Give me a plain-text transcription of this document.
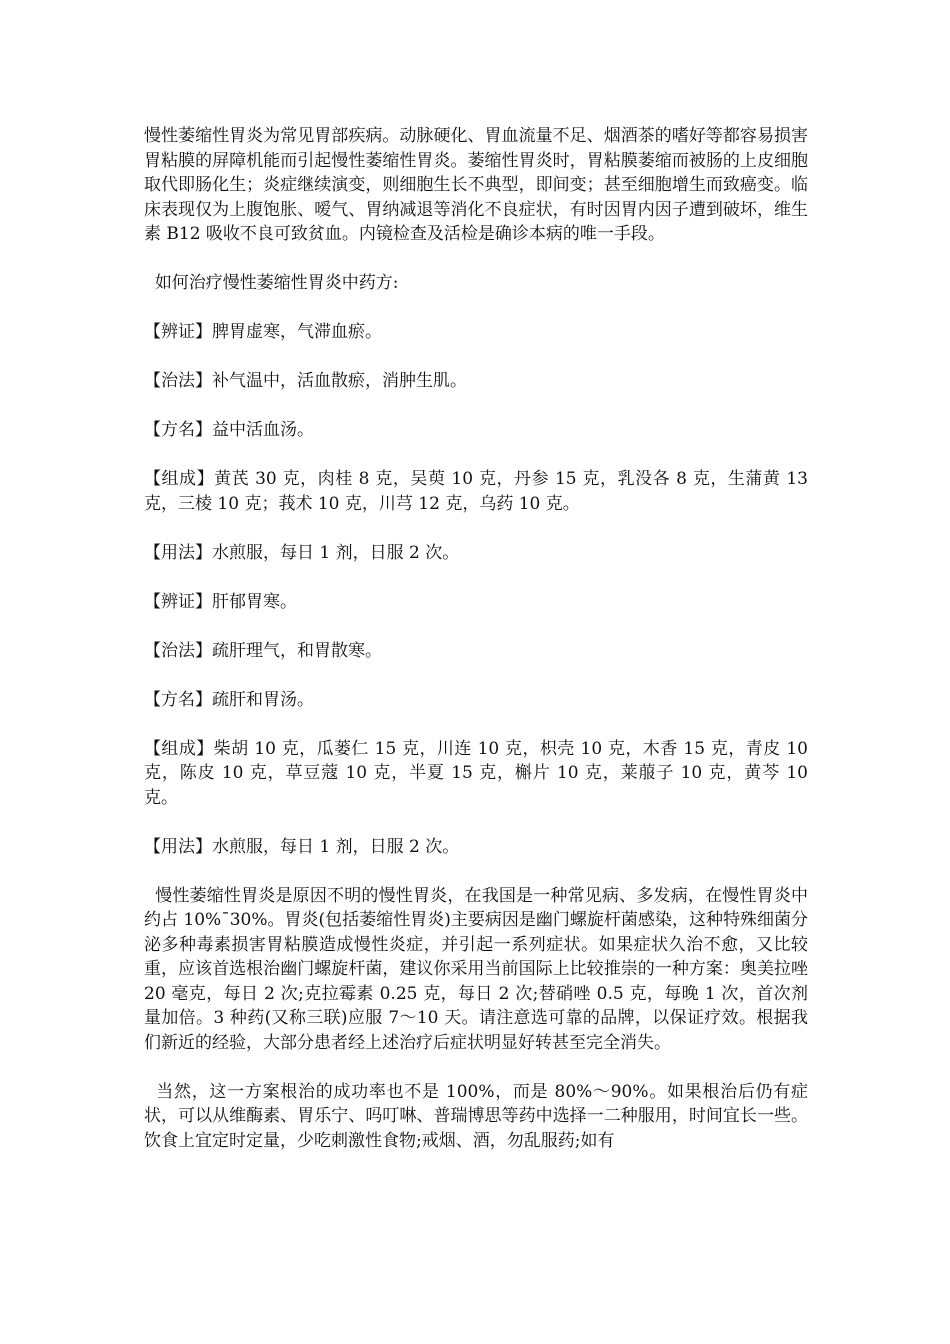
慢性萎缩性胃炎为常见胃部疾病。动脉硬化、胃血流量不足、烟酒茶的嗜好等都容易损害胃粘膜的屏障机能而引起慢性萎缩性胃炎。萎缩性胃炎时，胃粘膜萎缩而被肠的上皮细胞取代即肠化生；炎症继续演变，则细胞生长不典型，即间变；甚至细胞增生而致癌变。临床表现仅为上腹饱胀、嗳气、胃纳减退等消化不良症状，有时因胃内因子遭到破坏，维生素 B12 吸收不良可致贫血。内镜检查及活检是确诊本病的唯一手段。

如何治疗慢性萎缩性胃炎中药方:

【辨证】脾胃虚寒，气滞血瘀。

【治法】补气温中，活血散瘀，消肿生肌。

【方名】益中活血汤。

【组成】黄芪 30 克，肉桂 8 克，吴萸 10 克，丹参 15 克，乳没各 8 克，生蒲黄 13 克，三棱 10 克；莪术 10 克，川芎 12 克，乌药 10 克。

【用法】水煎服，每日 1 剂，日服 2 次。

【辨证】肝郁胃寒。

【治法】疏肝理气，和胃散寒。

【方名】疏肝和胃汤。

【组成】柴胡 10 克，瓜蒌仁 15 克，川连 10 克，枳壳 10 克，木香 15 克，青皮 10 克，陈皮 10 克，草豆蔻 10 克，半夏 15 克，槲片 10 克，莱菔子 10 克，黄芩 10 克。

【用法】水煎服，每日 1 剂，日服 2 次。

慢性萎缩性胃炎是原因不明的慢性胃炎，在我国是一种常见病、多发病，在慢性胃炎中约占 10%¯30%。胃炎(包括萎缩性胃炎)主要病因是幽门螺旋杆菌感染，这种特殊细菌分泌多种毒素损害胃粘膜造成慢性炎症，并引起一系列症状。如果症状久治不愈，又比较重，应该首选根治幽门螺旋杆菌，建议你采用当前国际上比较推崇的一种方案：奥美拉唑 20 毫克，每日 2 次;克拉霉素 0.25 克，每日 2 次;替硝唑 0.5 克，每晚 1 次，首次剂量加倍。3 种药(又称三联)应服 7～10 天。请注意选可靠的品牌，以保证疗效。根据我们新近的经验，大部分患者经上述治疗后症状明显好转甚至完全消失。

当然，这一方案根治的成功率也不是 100%，而是 80%～90%。如果根治后仍有症状，可以从维酶素、胃乐宁、吗叮啉、普瑞博思等药中选择一二种服用，时间宜长一些。饮食上宜定时定量，少吃刺激性食物;戒烟、酒，勿乱服药;如有
